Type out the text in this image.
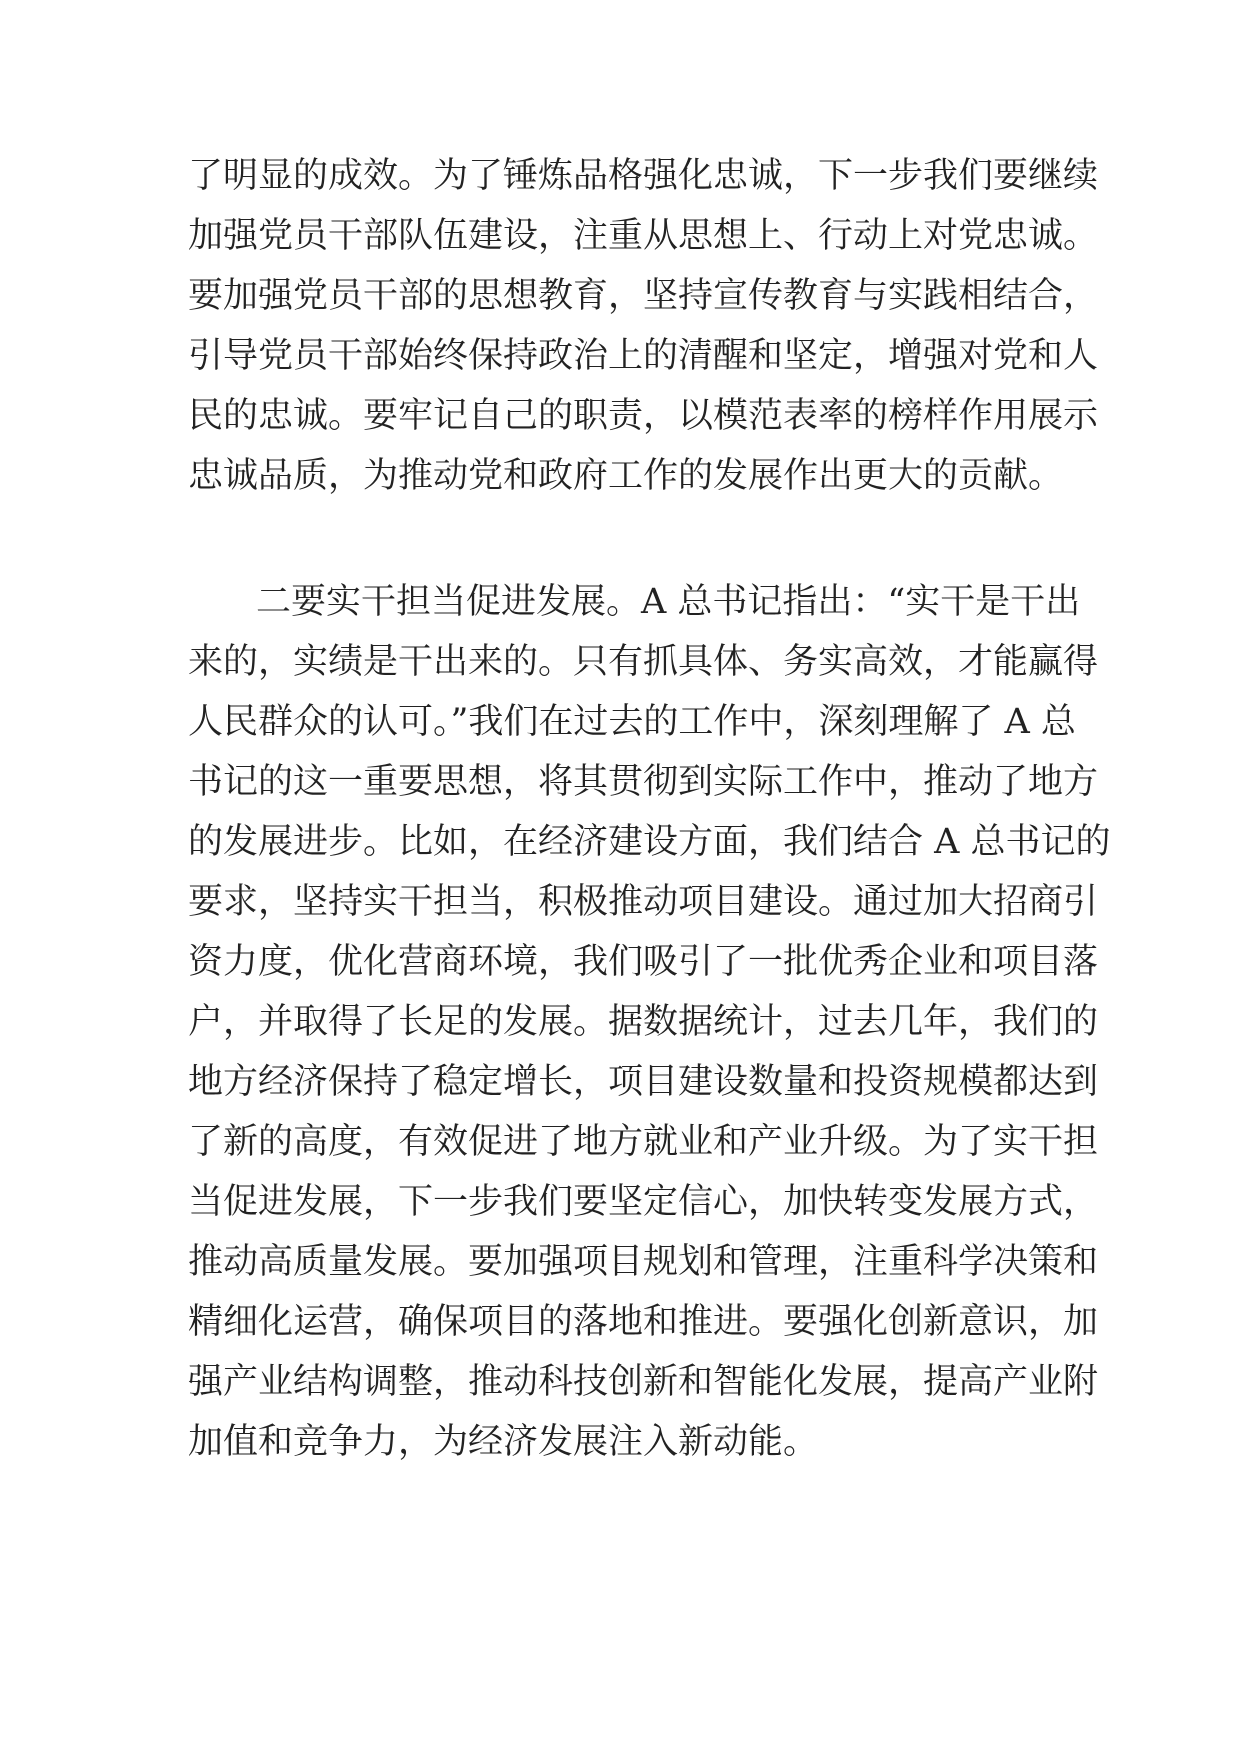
了明显的成效。为了锤炼品格强化忠诚，下一步我们要继续
加强党员干部队伍建设，注重从思想上、行动上对党忠诚。
要加强党员干部的思想教育，坚持宣传教育与实践相结合，
引导党员干部始终保持政治上的清醒和坚定，增强对党和人
民的忠诚。要牢记自己的职责，以模范表率的榜样作用展示
忠诚品质，为推动党和政府工作的发展作出更大的贡献。
二要实干担当促进发展。A 总书记指出：“实干是干出
来的，实绩是干出来的。只有抓具体、务实高效，才能赢得
人民群众的认可。”我们在过去的工作中，深刻理解了 A 总
书记的这一重要思想，将其贯彻到实际工作中，推动了地方
的发展进步。比如，在经济建设方面，我们结合 A 总书记的
要求，坚持实干担当，积极推动项目建设。通过加大招商引
资力度，优化营商环境，我们吸引了一批优秀企业和项目落
户，并取得了长足的发展。据数据统计，过去几年，我们的
地方经济保持了稳定增长，项目建设数量和投资规模都达到
了新的高度，有效促进了地方就业和产业升级。为了实干担
当促进发展，下一步我们要坚定信心，加快转变发展方式，
推动高质量发展。要加强项目规划和管理，注重科学决策和
精细化运营，确保项目的落地和推进。要强化创新意识，加
强产业结构调整，推动科技创新和智能化发展，提高产业附
加值和竞争力，为经济发展注入新动能。
